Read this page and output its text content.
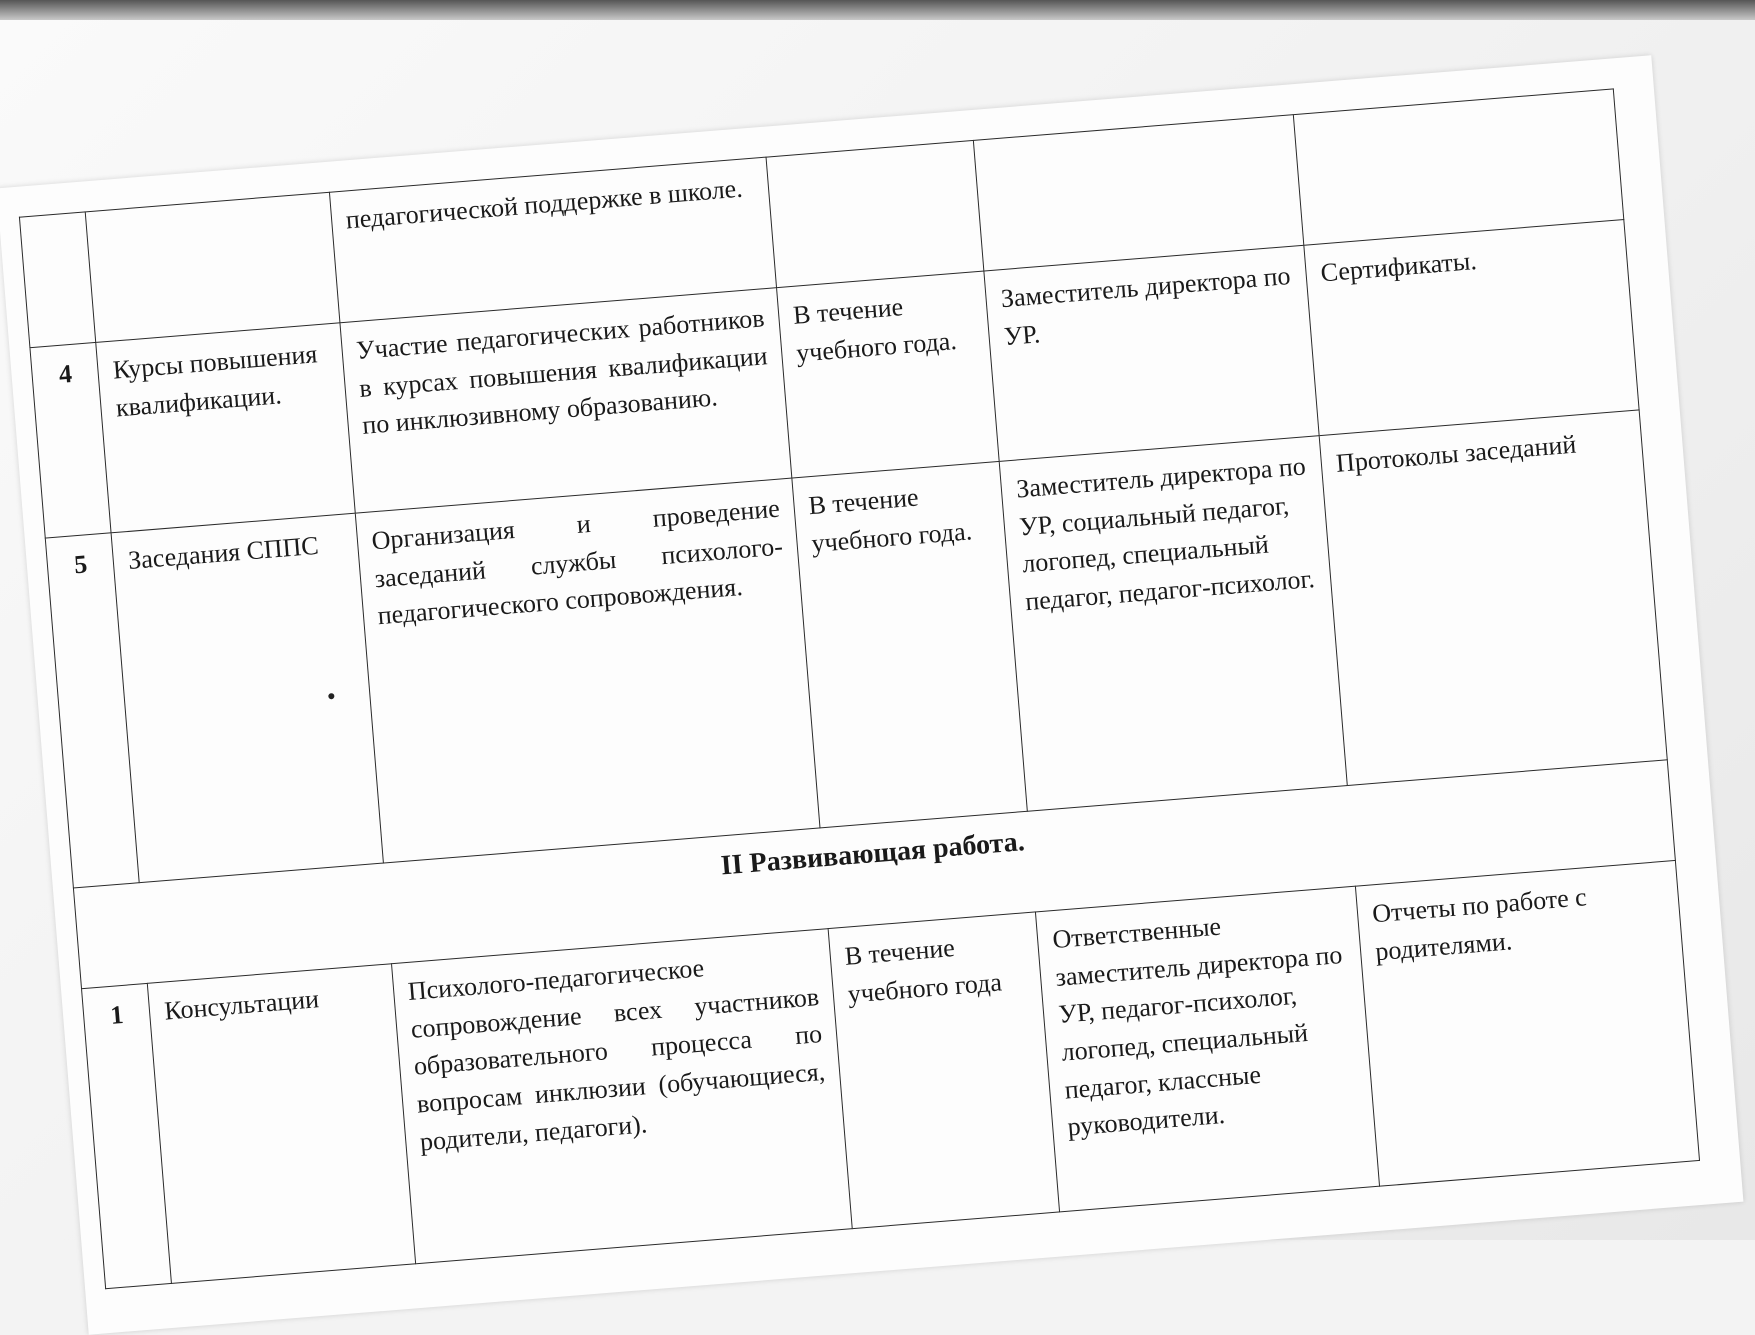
		педагогической поддержке в школе.			
4	Курсы повышения квалификации.	Участие педагогических работников в курсах повышения квалификации по инклюзивному образованию.	В течение учебного года.	Заместитель директора по УР.	Сертификаты.
5	Заседания СППС	Организация и проведение заседаний службы психолого-педагогического сопровождения.	В течение учебного года.	Заместитель директора по УР, социальный педагог, логопед, специальный педагог, педагог-психолог.	Протоколы заседаний
II Развивающая работа.					
1	Консультации	Психолого-педагогическое сопровождение всех участников образовательного процесса по вопросам инклюзии (обучающиеся, родители, педагоги).	В течение учебного года	Ответственные заместитель директора по УР, педагог-психолог, логопед, специальный педагог, классные руководители.	Отчеты по работе с родителями.
